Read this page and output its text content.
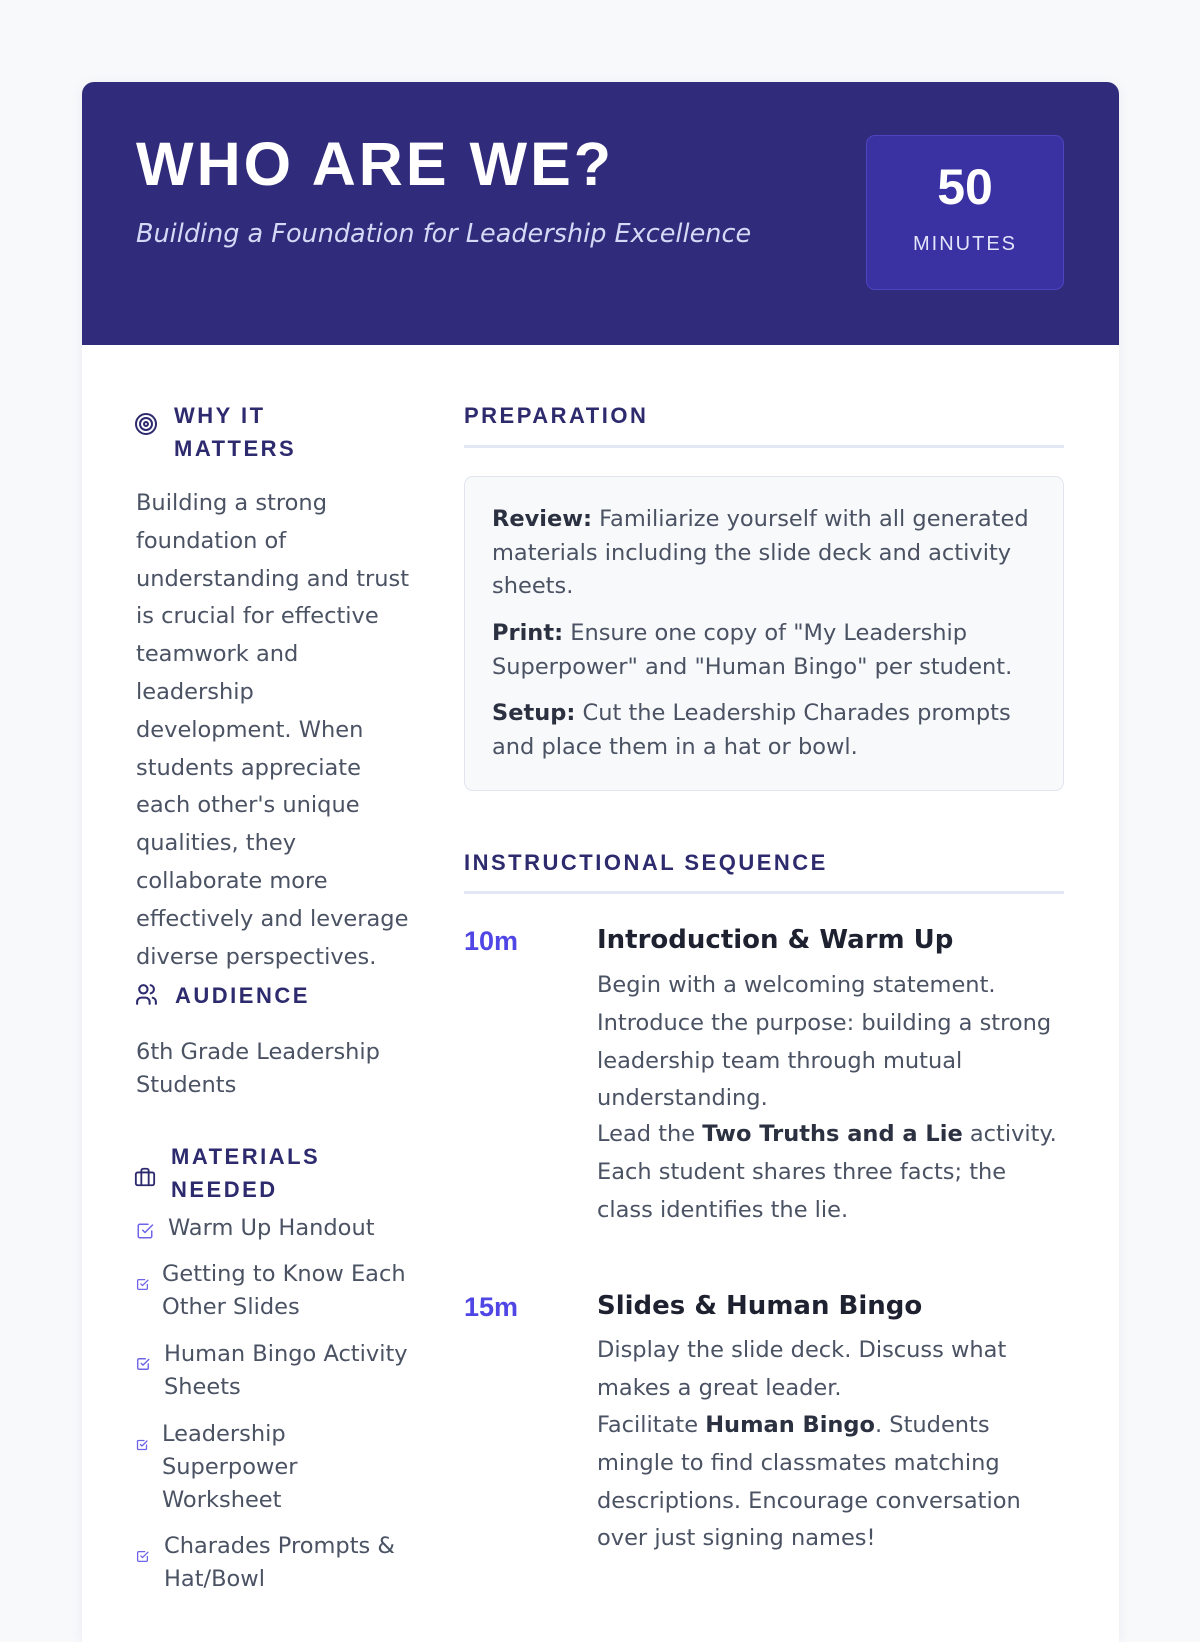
WHO ARE WE?

Building a Foundation for Leadership Excellence

50
MINUTES
WHY IT MATTERS

Building a strong foundation of understanding and trust is crucial for effective teamwork and leadership development. When students appreciate each other's unique qualities, they collaborate more effectively and leverage diverse perspectives.

AUDIENCE

6th Grade Leadership Students

MATERIALS NEEDED
Warm Up Handout
Getting to Know Each Other Slides
Human Bingo Activity Sheets
Leadership Superpower Worksheet
Charades Prompts & Hat/Bowl
PREPARATION

Review: Familiarize yourself with all generated materials including the slide deck and activity sheets.

Print: Ensure one copy of "My Leadership Superpower" and "Human Bingo" per student.

Setup: Cut the Leadership Charades prompts and place them in a hat or bowl.

INSTRUCTIONAL SEQUENCE
10m	Introduction & Warm Up

Begin with a welcoming statement. Introduce the purpose: building a strong leadership team through mutual understanding.

Lead the Two Truths and a Lie activity. Each student shares three facts; the class identifies the lie.

15m	Slides & Human Bingo

Display the slide deck. Discuss what makes a great leader.

Facilitate Human Bingo. Students mingle to find classmates matching descriptions. Encourage conversation over just signing names!
